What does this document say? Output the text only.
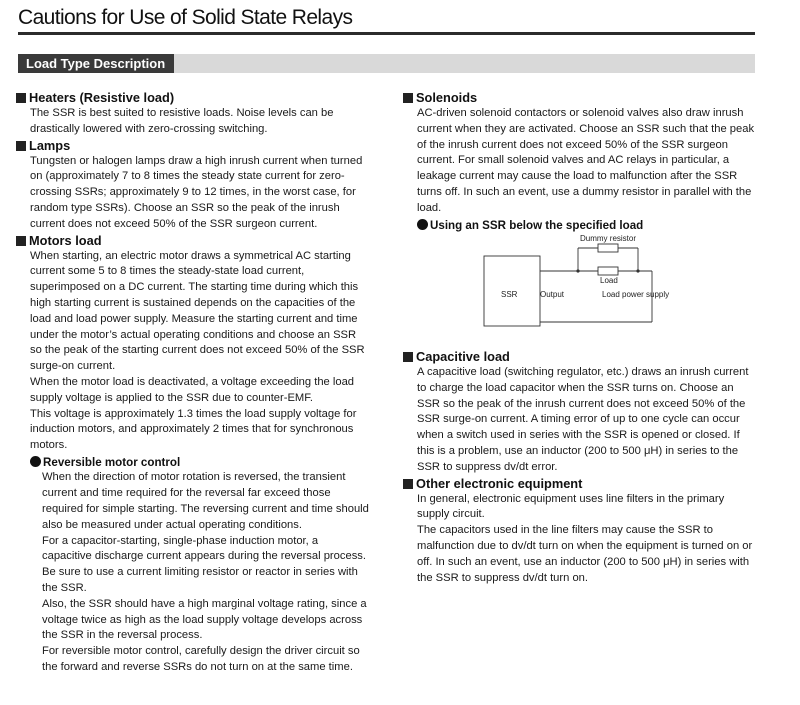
Cautions for Use of Solid State Relays
Load Type Description
Heaters (Resistive load)
The SSR is best suited to resistive loads. Noise levels can be
drastically lowered with zero-crossing switching.
Lamps
Tungsten or halogen lamps draw a high inrush current when turned
on (approximately 7 to 8 times the steady state current for zero-
crossing SSRs; approximately 9 to 12 times, in the worst case, for
random type SSRs). Choose an SSR so the peak of the inrush
current does not exceed 50% of the SSR surgeon current.
Motors load
When starting, an electric motor draws a symmetrical AC starting
current some 5 to 8 times the steady-state load current,
superimposed on a DC current. The starting time during which this
high starting current is sustained depends on the capacities of the
load and load power supply. Measure the starting current and time
under the motor’s actual operating conditions and choose an SSR
so the peak of the starting current does not exceed 50% of the SSR
surge-on current.
When the motor load is deactivated, a voltage exceeding the load
supply voltage is applied to the SSR due to counter-EMF.
This voltage is approximately 1.3 times the load supply voltage for
induction motors, and approximately 2 times that for synchronous
motors.
Reversible motor control
When the direction of motor rotation is reversed, the transient
current and time required for the reversal far exceed those
required for simple starting. The reversing current and time should
also be measured under actual operating conditions.
For a capacitor-starting, single-phase induction motor, a
capacitive discharge current appears during the reversal process.
Be sure to use a current limiting resistor or reactor in series with
the SSR.
Also, the SSR should have a high marginal voltage rating, since a
voltage twice as high as the load supply voltage develops across
the SSR in the reversal process.
For reversible motor control, carefully design the driver circuit so
the forward and reverse SSRs do not turn on at the same time.
Solenoids
AC-driven solenoid contactors or solenoid valves also draw inrush
current when they are activated. Choose an SSR such that the peak
of the inrush current does not exceed 50% of the SSR surgeon
current. For small solenoid valves and AC relays in particular, a
leakage current may cause the load to malfunction after the SSR
turns off. In such an event, use a dummy resistor in parallel with the
load.
Using an SSR below the specified load
Capacitive load
A capacitive load (switching regulator, etc.) draws an inrush current
to charge the load capacitor when the SSR turns on. Choose an
SSR so the peak of the inrush current does not exceed 50% of the
SSR surge-on current. A timing error of up to one cycle can occur
when a switch used in series with the SSR is opened or closed. If
this is a problem, use an inductor (200 to 500 μH) in series to the
SSR to suppress dv/dt error.
Other electronic equipment
In general, electronic equipment uses line filters in the primary
supply circuit.
The capacitors used in the line filters may cause the SSR to
malfunction due to dv/dt turn on when the equipment is turned on or
off. In such an event, use an inductor (200 to 500 μH) in series with
the SSR to suppress dv/dt turn on.
Dummy resistor
Load
SSR	Output	Load power supply
